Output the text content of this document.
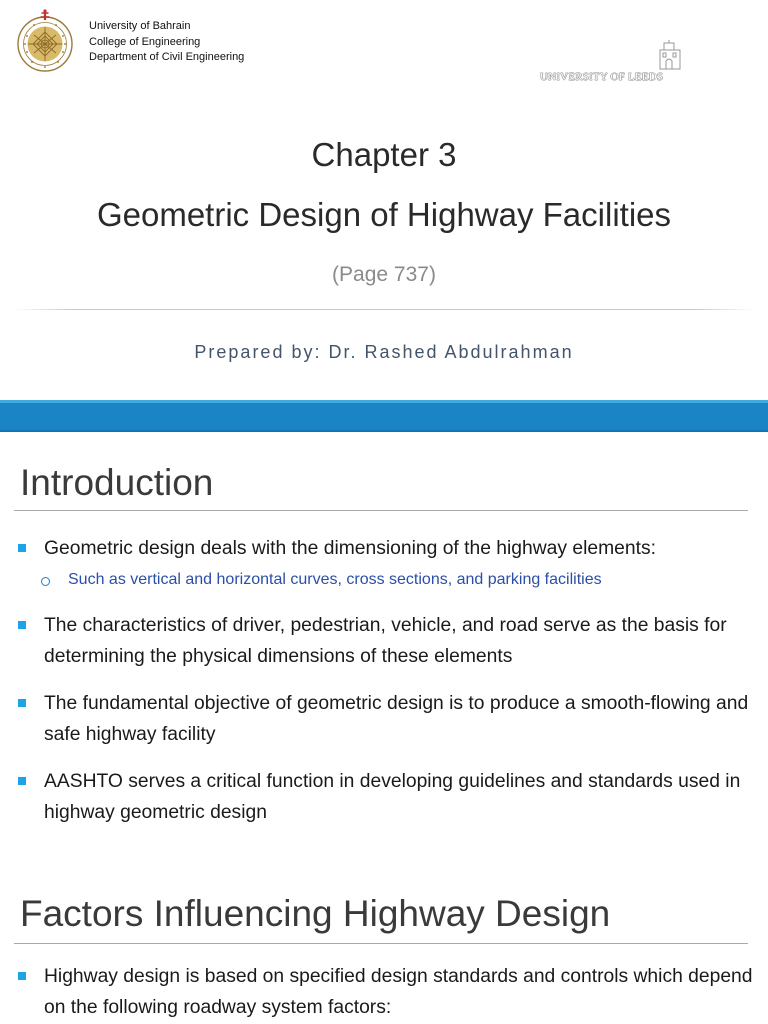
University of Bahrain
College of Engineering
Department of Civil Engineering
UNIVERSITY OF LEEDS
Chapter 3
Geometric Design of Highway Facilities
(Page 737)
Prepared by: Dr. Rashed Abdulrahman
Introduction
Geometric design deals with the dimensioning of the highway elements:
Such as vertical and horizontal curves, cross sections, and parking facilities
The characteristics of driver, pedestrian, vehicle, and road serve as the basis for determining the physical dimensions of these elements
The fundamental objective of geometric design is to produce a smooth-flowing and safe highway facility
AASHTO serves a critical function in developing guidelines and standards used in highway geometric design
Factors Influencing Highway Design
Highway design is based on specified design standards and controls which depend on the following roadway system factors:
